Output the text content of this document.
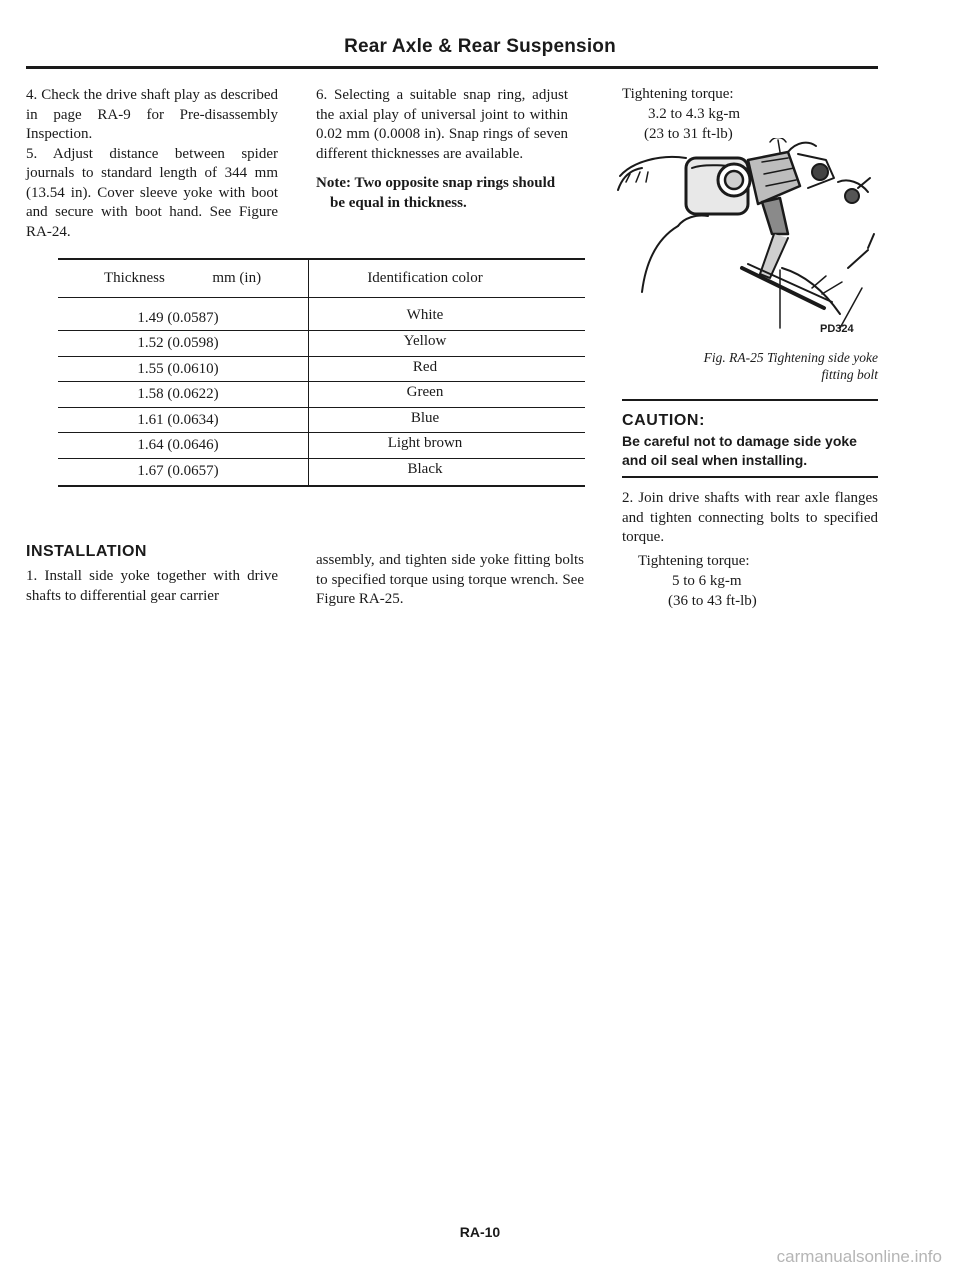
Rear Axle & Rear Suspension

4. Check the drive shaft play as described in page RA-9 for Pre-disassembly Inspection.

5. Adjust distance between spider journals to standard length of 344 mm (13.54 in). Cover sleeve yoke with boot and secure with boot hand. See Figure RA-24.

6. Selecting a suitable snap ring, adjust the axial play of universal joint to within 0.02 mm (0.0008 in). Snap rings of seven different thicknesses are available.

Note: Two opposite snap rings should

be equal in thickness.

Thickness	mm (in)	Identification color
1.49 (0.0587)	White
1.52 (0.0598)	Yellow
1.55 (0.0610)	Red
1.58 (0.0622)	Green
1.61 (0.0634)	Blue
1.64 (0.0646)	Light brown
1.67 (0.0657)	Black
INSTALLATION

1. Install side yoke together with drive shafts to differential gear carrier

assembly, and tighten side yoke fitting bolts to specified torque using torque wrench. See Figure RA-25.

Tightening torque:
3.2 to 4.3 kg-m
(23 to 31 ft-lb)
PD324
Fig. RA-25 Tightening side yoke
fitting bolt
CAUTION:
Be careful not to damage side yoke and oil seal when installing.

2. Join drive shafts with rear axle flanges and tighten connecting bolts to specified torque.

Tightening torque:
5 to 6 kg-m
(36 to 43 ft-lb)
RA-10
carmanualsonline.info
